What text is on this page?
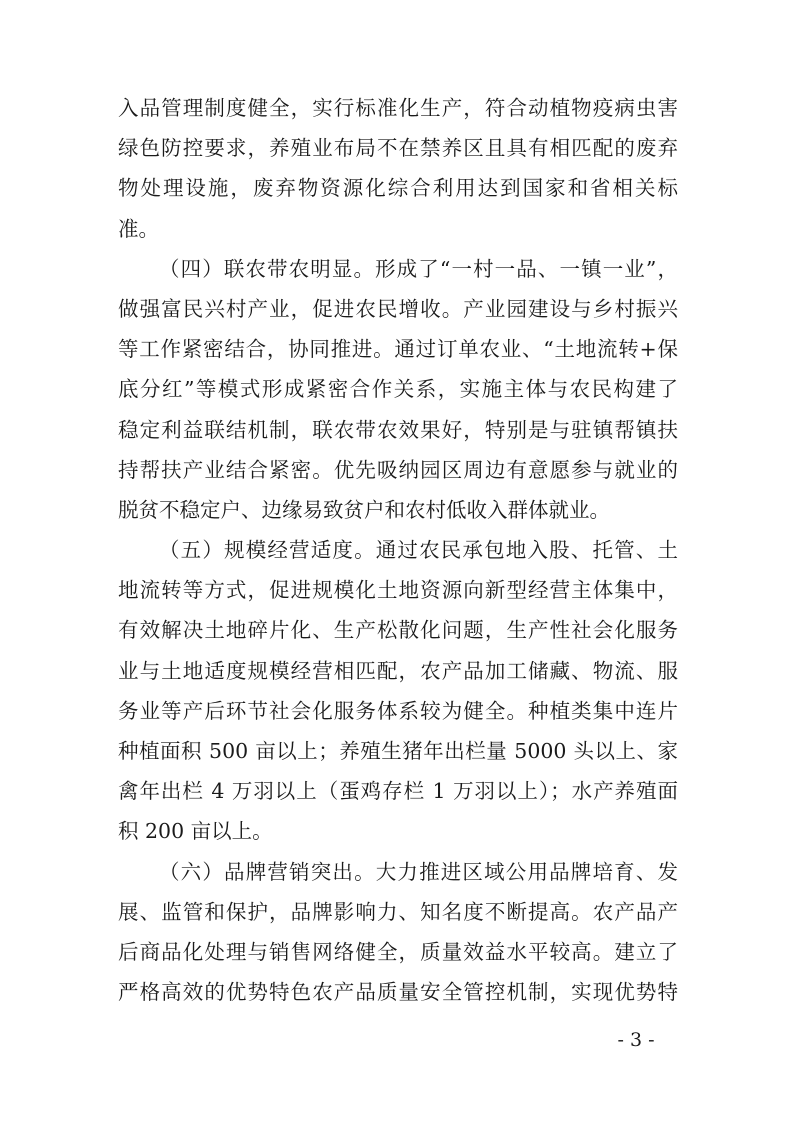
入品管理制度健全，实行标准化生产，符合动植物疫病虫害
绿色防控要求，养殖业布局不在禁养区且具有相匹配的废弃
物处理设施，废弃物资源化综合利用达到国家和省相关标
准。
（四）联农带农明显。形成了“一村一品、一镇一业”，
做强富民兴村产业，促进农民增收。产业园建设与乡村振兴
等工作紧密结合，协同推进。通过订单农业、“土地流转+保
底分红”等模式形成紧密合作关系，实施主体与农民构建了
稳定利益联结机制，联农带农效果好，特别是与驻镇帮镇扶
持帮扶产业结合紧密。优先吸纳园区周边有意愿参与就业的
脱贫不稳定户、边缘易致贫户和农村低收入群体就业。
（五）规模经营适度。通过农民承包地入股、托管、土
地流转等方式，促进规模化土地资源向新型经营主体集中，
有效解决土地碎片化、生产松散化问题，生产性社会化服务
业与土地适度规模经营相匹配，农产品加工储藏、物流、服
务业等产后环节社会化服务体系较为健全。种植类集中连片
种植面积 500 亩以上；养殖生猪年出栏量 5000 头以上、家
禽年出栏 4 万羽以上（蛋鸡存栏 1 万羽以上）；水产养殖面
积 200 亩以上。
（六）品牌营销突出。大力推进区域公用品牌培育、发
展、监管和保护，品牌影响力、知名度不断提高。农产品产
后商品化处理与销售网络健全，质量效益水平较高。建立了
严格高效的优势特色农产品质量安全管控机制，实现优势特
- 3 -
